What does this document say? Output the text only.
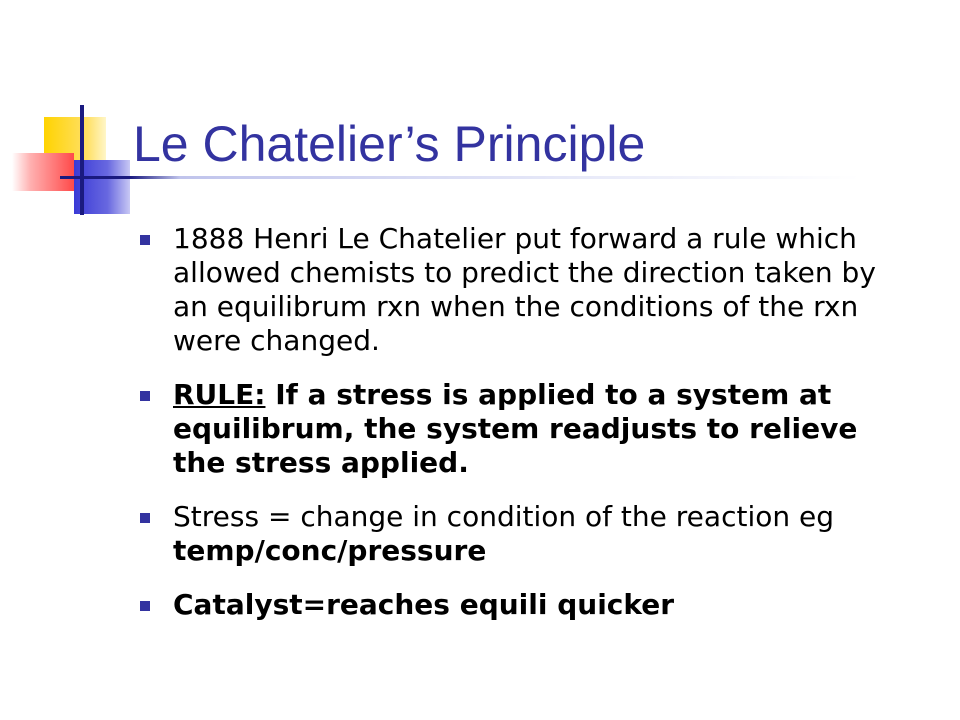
Le Chatelier’s Principle
1888 Henri Le Chatelier put forward a rule which allowed chemists to predict the direction taken by an equilibrum rxn when the conditions of the rxn were changed.
RULE: If a stress is applied to a system at equilibrum, the system readjusts to relieve the stress applied.
Stress = change in condition of the reaction eg temp/conc/pressure
Catalyst=reaches equili quicker
